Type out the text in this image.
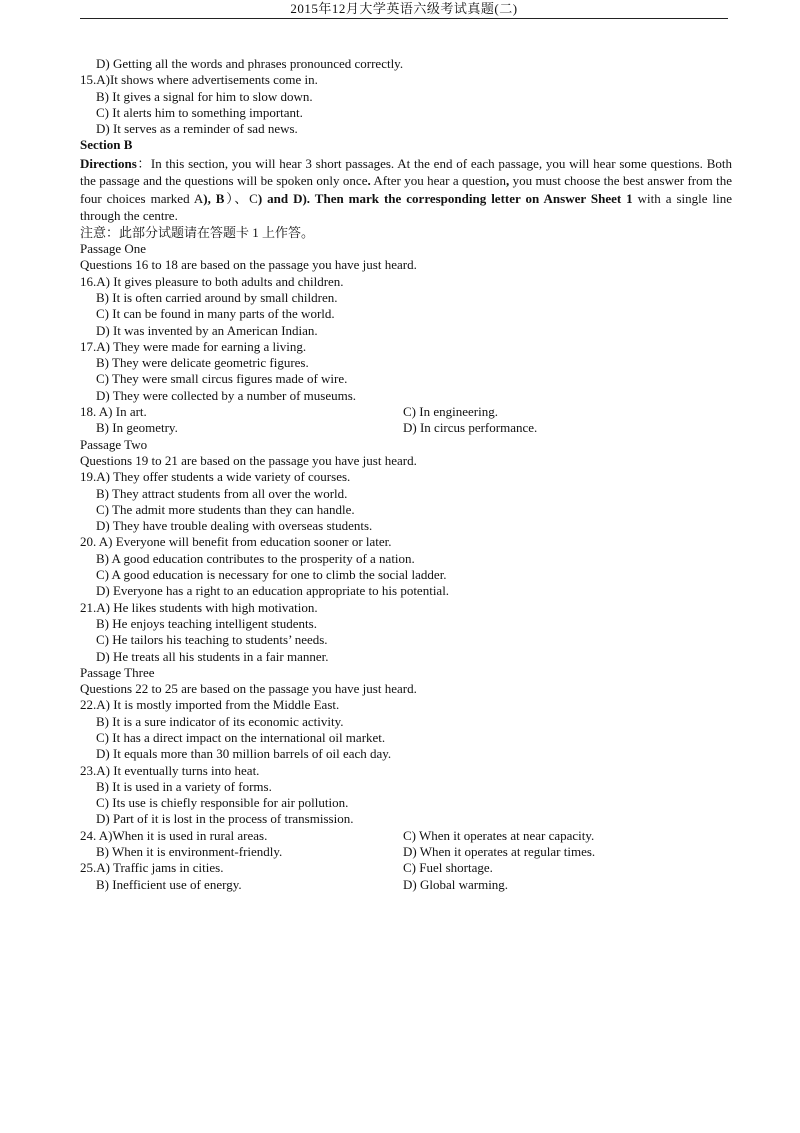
2015年12月大学英语六级考试真题(二)
D) Getting all the words and phrases pronounced correctly.
15.A)It shows where advertisements come in.
B) It gives a signal for him to slow down.
C) It alerts him to something important.
D) It serves as a reminder of sad news.
Section B
Directions：In this section, you will hear 3 short passages. At the end of each passage, you will hear some questions. Both the passage and the questions will be spoken only once. After you hear a question, you must choose the best answer from the four choices marked A), B）、C) and D). Then mark the corresponding letter on Answer Sheet 1 with a single line through the centre.
注意：此部分试题请在答题卡 1 上作答。
Passage One
Questions 16 to 18 are based on the passage you have just heard.
16.A) It gives pleasure to both adults and children.
B) It is often carried around by small children.
C) It can be found in many parts of the world.
D) It was invented by an American Indian.
17.A) They were made for earning a living.
B) They were delicate geometric figures.
C) They were small circus figures made of wire.
D) They were collected by a number of museums.
18. A) In art.	C) In engineering.
B) In geometry.	D) In circus performance.
Passage Two
Questions 19 to 21 are based on the passage you have just heard.
19.A) They offer students a wide variety of courses.
B) They attract students from all over the world.
C) The admit more students than they can handle.
D) They have trouble dealing with overseas students.
20. A) Everyone will benefit from education sooner or later.
B) A good education contributes to the prosperity of a nation.
C) A good education is necessary for one to climb the social ladder.
D) Everyone has a right to an education appropriate to his potential.
21.A) He likes students with high motivation.
B) He enjoys teaching intelligent students.
C) He tailors his teaching to students’ needs.
D) He treats all his students in a fair manner.
Passage Three
Questions 22 to 25 are based on the passage you have just heard.
22.A) It is mostly imported from the Middle East.
B) It is a sure indicator of its economic activity.
C) It has a direct impact on the international oil market.
D) It equals more than 30 million barrels of oil each day.
23.A) It eventually turns into heat.
B) It is used in a variety of forms.
C) Its use is chiefly responsible for air pollution.
D) Part of it is lost in the process of transmission.
24. A)When it is used in rural areas.	C) When it operates at near capacity.
B) When it is environment-friendly.	D) When it operates at regular times.
25.A) Traffic jams in cities.	C) Fuel shortage.
B) Inefficient use of energy.	D) Global warming.
